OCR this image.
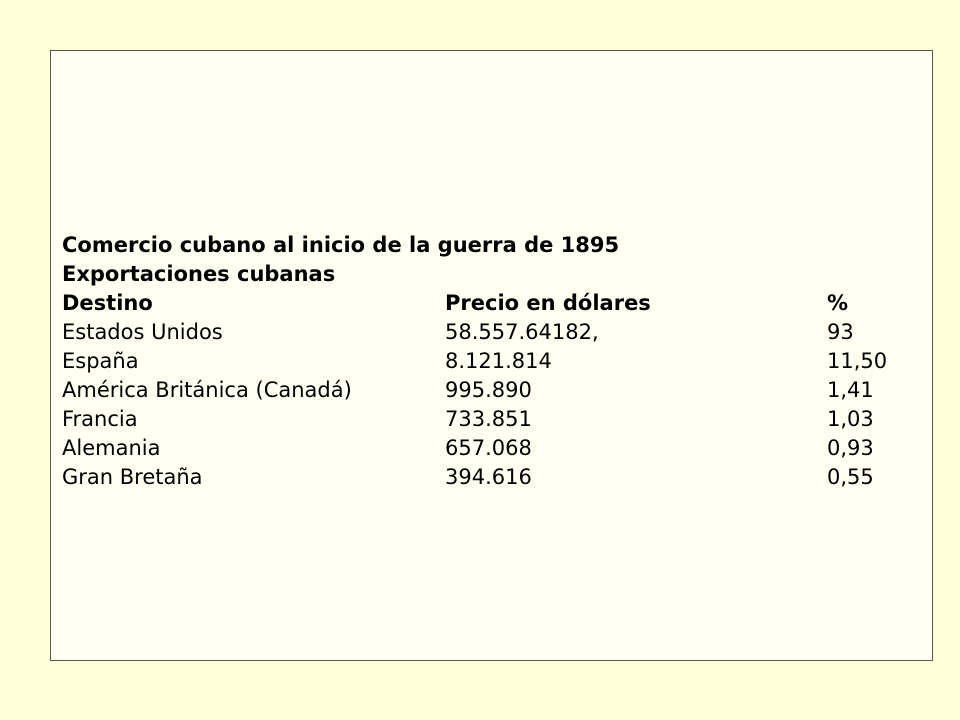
Comercio cubano al inicio de la guerra de 1895
Exportaciones cubanas
Destino	Precio en dólares	%
Estados Unidos	58.557.64182,	93
España	8.121.814	11,50
América Británica (Canadá)	995.890	1,41
Francia	733.851	1,03
Alemania	657.068	0,93
Gran Bretaña	394.616	0,55
